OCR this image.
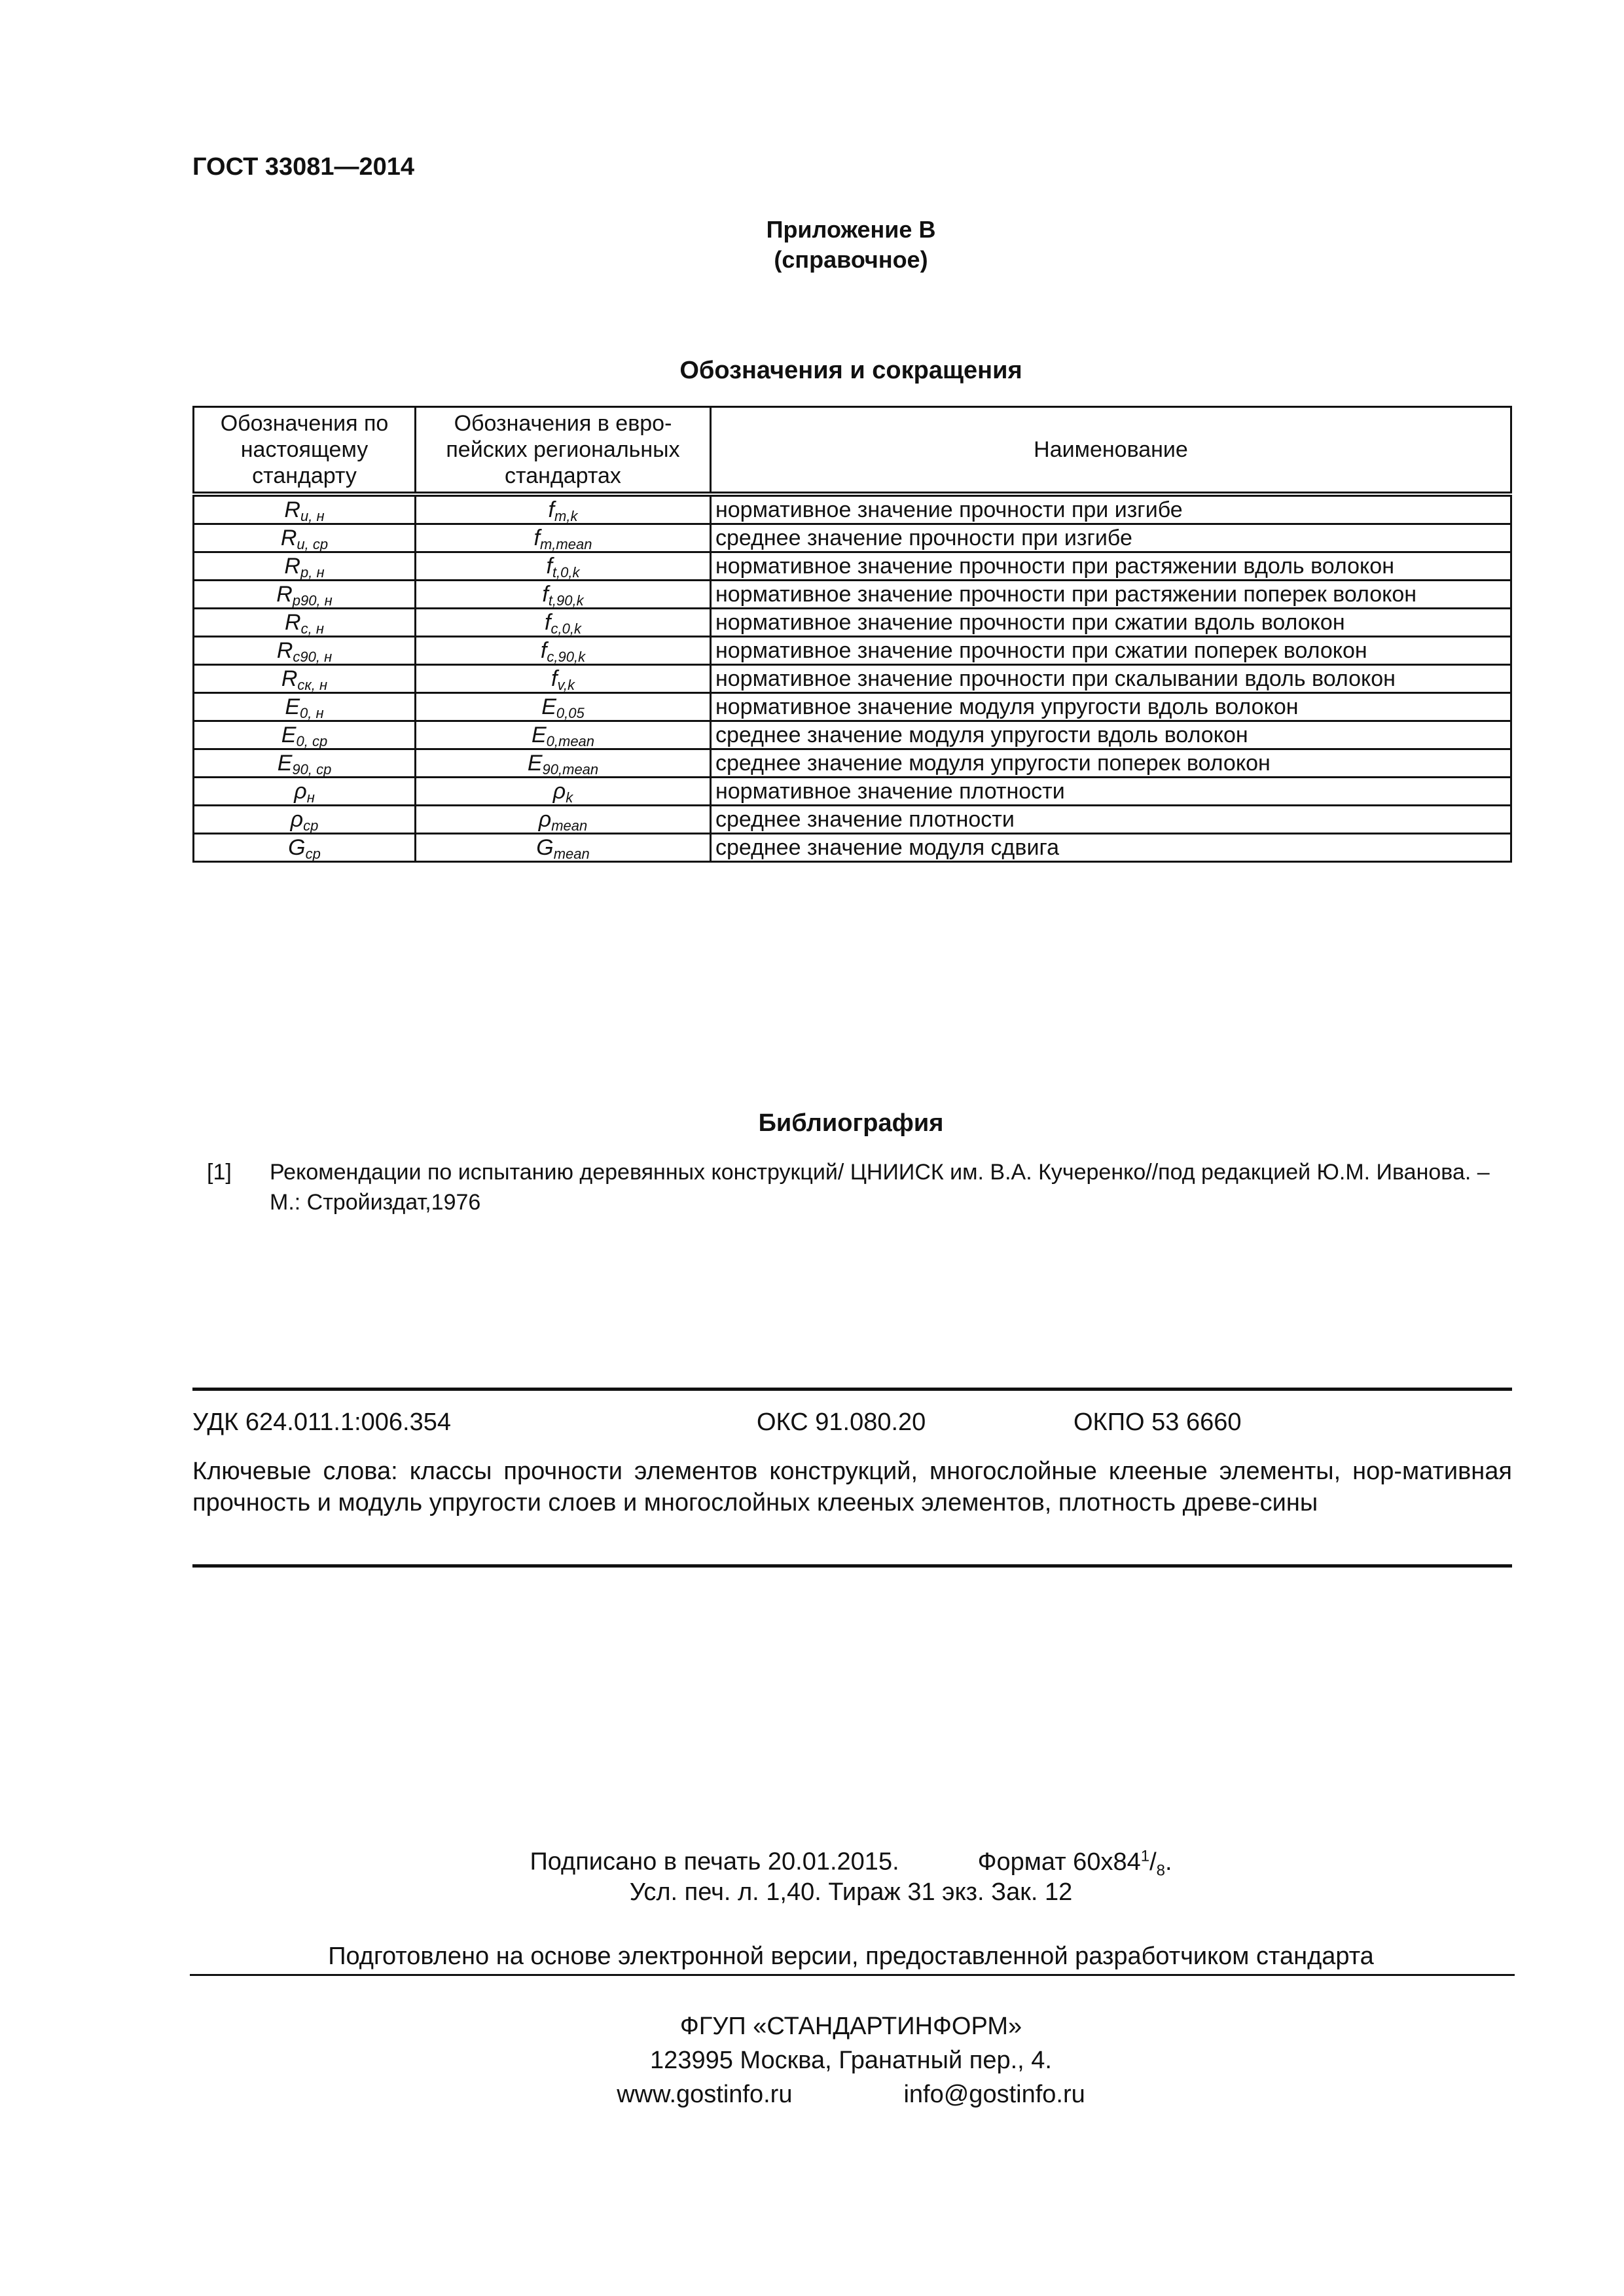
ГОСТ 33081—2014
Приложение В
(справочное)
Обозначения и сокращения
Обозначения по настоящему стандарту	Обозначения в евро-пейских региональных стандартах	Наименование
$R_{u, н}$	$f_{m,k}$	нормативное значение прочности при изгибе
$R_{u, ср}$	$f_{m,mean}$	среднее значение прочности при изгибе
$R_{p, н}$	$f_{t,0,k}$	нормативное значение прочности при растяжении вдоль волокон
$R_{p90, н}$	$f_{t,90,k}$	нормативное значение прочности при растяжении поперек волокон
$R_{c, н}$	$f_{c,0,k}$	нормативное значение прочности при сжатии вдоль волокон
$R_{c90, н}$	$f_{c,90,k}$	нормативное значение прочности при сжатии поперек волокон
$R_{ск, н}$	$f_{v,k}$	нормативное значение прочности при скалывании вдоль волокон
$E_{0, н}$	$E_{0,05}$	нормативное значение модуля упругости вдоль волокон
$E_{0, ср}$	$E_{0,mean}$	среднее значение модуля упругости вдоль волокон
$E_{90, ср}$	$E_{90,mean}$	среднее значение модуля упругости поперек волокон
$\rho_н$	$\rho_k$	нормативное значение плотности
$\rho_{ср}$	$\rho_{mean}$	среднее значение плотности
$G_{ср}$	$G_{mean}$	среднее значение модуля сдвига
Библиография
[1] Рекомендации по испытанию деревянных конструкций/ ЦНИИСК им. В.А. Кучеренко//под редакцией Ю.М. Иванова. – М.: Стройиздат,1976
УДК 624.011.1:006.354	ОКС 91.080.20	ОКПО 53 6660
Ключевые слова: классы прочности элементов конструкций, многослойные клееные элементы, нор-мативная прочность и модуль упругости слоев и многослойных клееных элементов, плотность древе-сины
Подписано в печать 20.01.2015.	Формат $60x84^1/_8$.
Усл. печ. л. 1,40. Тираж 31 экз. Зак. 12
Подготовлено на основе электронной версии, предоставленной разработчиком стандарта
ФГУП «СТАНДАРТИНФОРМ»
123995 Москва, Гранатный пер., 4.
www.gostinfo.ru	info@gostinfo.ru
